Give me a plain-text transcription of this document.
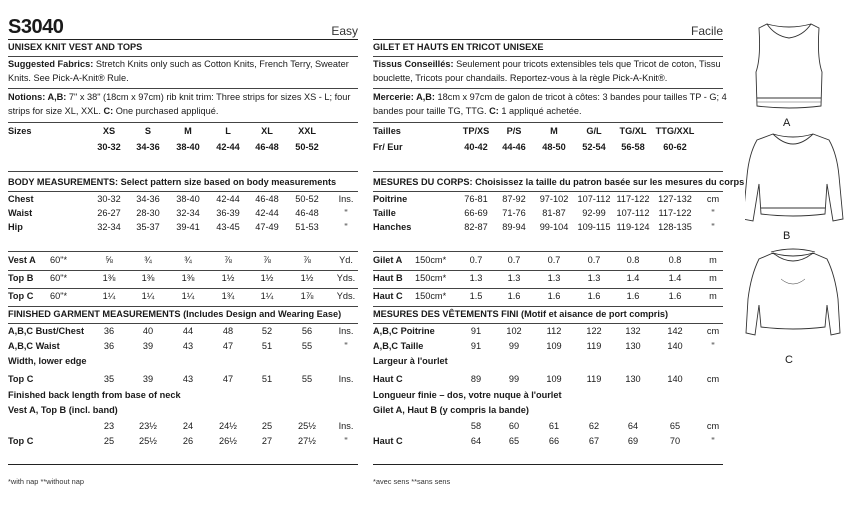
S3040	Easy
UNISEX KNIT VEST AND TOPS
Suggested Fabrics: Stretch Knits only such as Cotton Knits, French Terry, Sweater
Knits. See Pick-A-Knit® Rule.
Notions: A,B: 7" x 38" (18cm x 97cm) rib knit trim: Three strips for sizes XS - L; four
strips for size XL, XXL. C: One purchased appliqué.
Sizes	XS	S	M	L	XL	XXL
30-32 34-36 38-40 42-44 46-48 50-52
BODY MEASUREMENTS: Select pattern size based on body measurements
Chest	30-32 34-36 38-40 42-44 46-48 50-52 Ins.
Waist	26-27 28-30 32-34 36-39 42-44 46-48	"
Hip	32-34 35-37 39-41 43-45 47-49 51-53	"
Vest A 60"*	⅝	¾	¾	⅞	⅞	⅞	Yd.
Top B 60"*	1⅜	1⅜	1⅜	1½	1½	1½	Yds.
Top C 60"*	1¼	1¼	1¼	1¾	1¼	1⅞	Yds.
FINISHED GARMENT MEASUREMENTS (Includes Design and Wearing Ease)
A,B,C Bust/Chest 36	40	44	48	52	56	Ins.
A,B,C Waist	36	39	43	47	51	55	"
Width, lower edge
Top C	35	39	43	47	51	55	Ins.
Finished back length from base of neck
Vest A, Top B (incl. band)
23	23½	24	24½	25	25½ Ins.
Top C	25	25½	26	26½	27	27½	"
*with nap **without nap
Facile
GILET ET HAUTS EN TRICOT UNISEXE
Tissus Conseillés: Seulement pour tricots extensibles tels que Tricot de coton, Tissu
bouclette, Tricots pour chandails. Reportez-vous à la règle Pick-A-Knit®.
Mercerie: A,B: 18cm x 97cm de galon de tricot à côtes: 3 bandes pour tailles TP - G; 4
bandes pour taille TG, TTG. C: 1 appliqué achetée.
Tailles	TP/XS P/S	M	G/L TG/XL TTG/XXL
Fr/ Eur	40-42 44-46 48-50 52-54 56-58 60-62
MESURES DU CORPS: Choisissez la taille du patron basée sur les mesures du corps
Poitrine	76-81 87-92 97-102 107-112 117-122 127-132 cm
Taille	66-69 71-76 81-87 92-99 107-112 117-122 "
Hanches	82-87 89-94 99-104 109-115 119-124 128-135 "
Gilet A 150cm*	0.7	0.7	0.7	0.7	0.8	0.8	m
Haut B 150cm*	1.3	1.3	1.3	1.3	1.4	1.4	m
Haut C 150cm*	1.5	1.6	1.6	1.6	1.6	1.6	m
MESURES DES VÊTEMENTS FINI (Motif et aisance de port compris)
A,B,C Poitrine	91	102	112	122	132	142	cm
A,B,C Taille	91	99	109	119	130	140	"
Largeur à l'ourlet
Haut C	89	99	109	119	130	140	cm
Longueur finie – dos, votre nuque à l'ourlet
Gilet A, Haut B (y compris la bande)
58	60	61	62	64	65	cm
Haut C	64	65	66	67	69	70	"
*avec sens **sans sens
A
B
C
